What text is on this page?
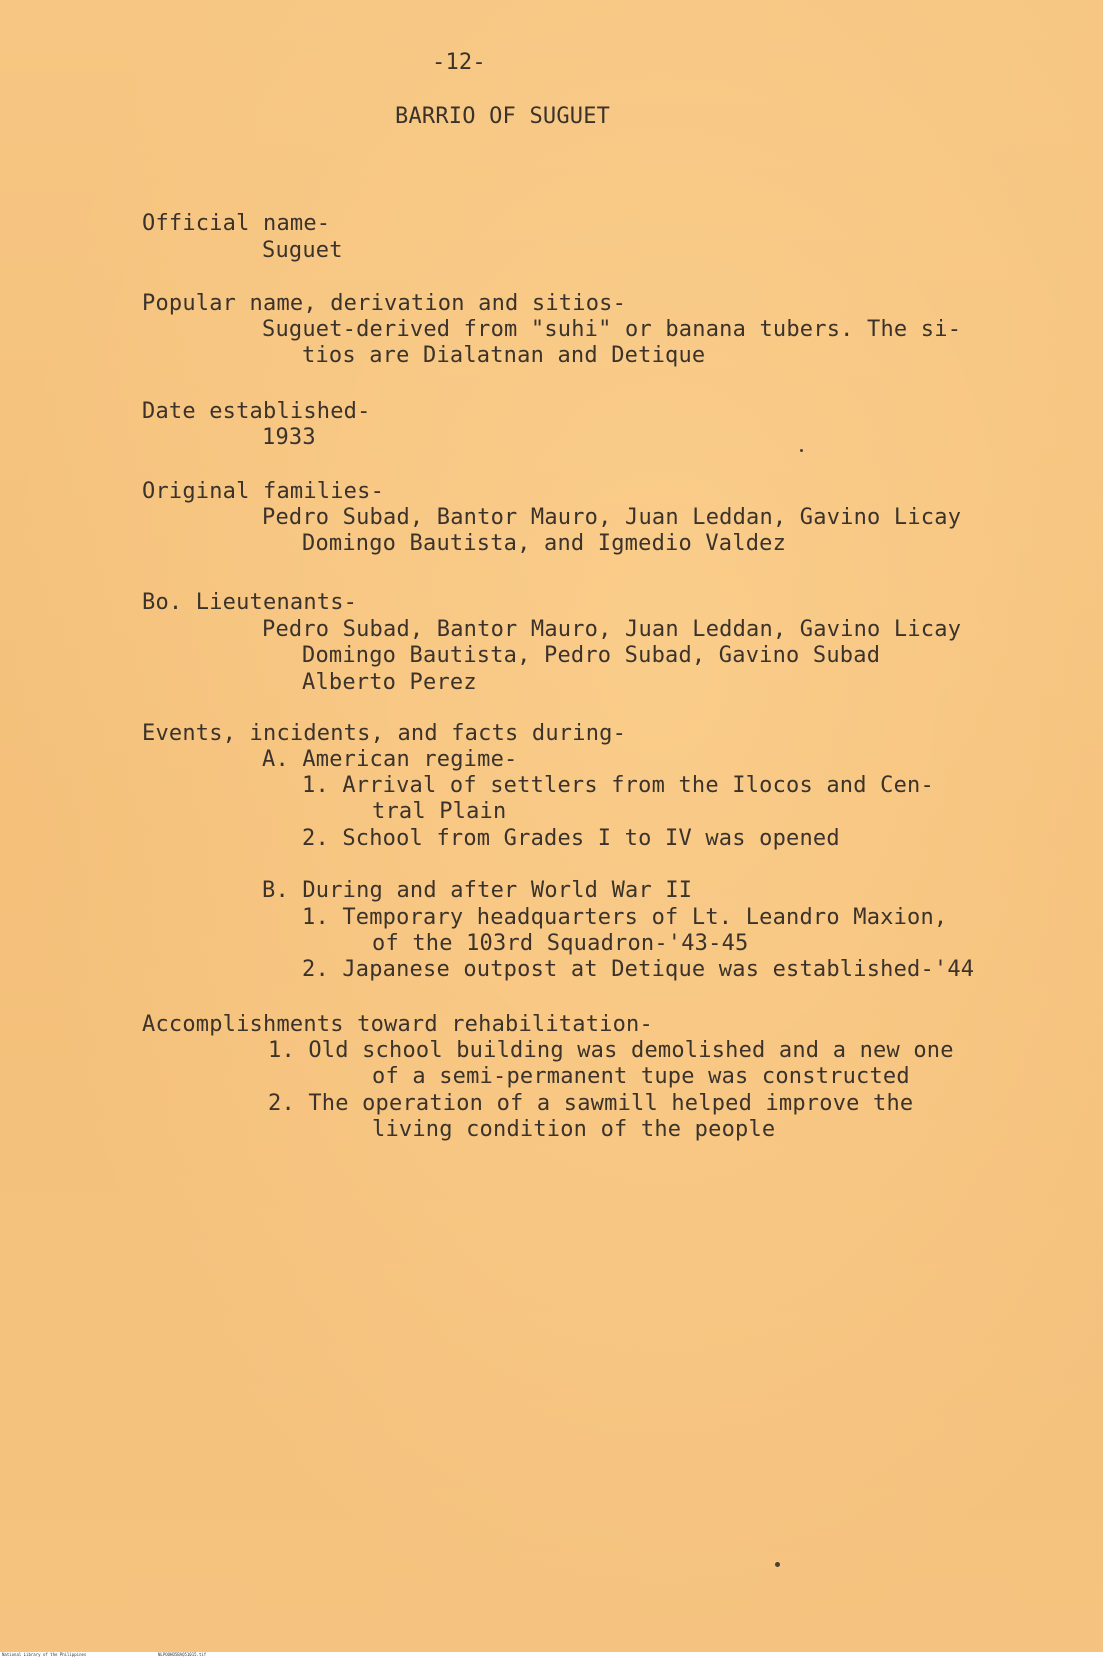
-12-
BARRIO OF SUGUET
Official name-
Suguet
Popular name, derivation and sitios-
Suguet-derived from "suhi" or banana tubers. The si-
tios are Dialatnan and Detique
Date established-
1933
Original families-
Pedro Subad, Bantor Mauro, Juan Leddan, Gavino Licay
Domingo Bautista, and Igmedio Valdez
Bo. Lieutenants-
Pedro Subad, Bantor Mauro, Juan Leddan, Gavino Licay
Domingo Bautista, Pedro Subad, Gavino Subad
Alberto Perez
Events, incidents, and facts during-
A. American regime-
1. Arrival of settlers from the Ilocos and Cen-
tral Plain
2. School from Grades I to IV was opened
B. During and after World War II
1. Temporary headquarters of Lt. Leandro Maxion,
of the 103rd Squadron-'43-45
2. Japanese outpost at Detique was established-'44
Accomplishments toward rehabilitation-
1. Old school building was demolished and a new one
of a semi-permanent tupe was constructed
2. The operation of a sawmill helped improve the
living condition of the people
National Library of the Philippines	NLPOOHD5BAQ51015.tif
